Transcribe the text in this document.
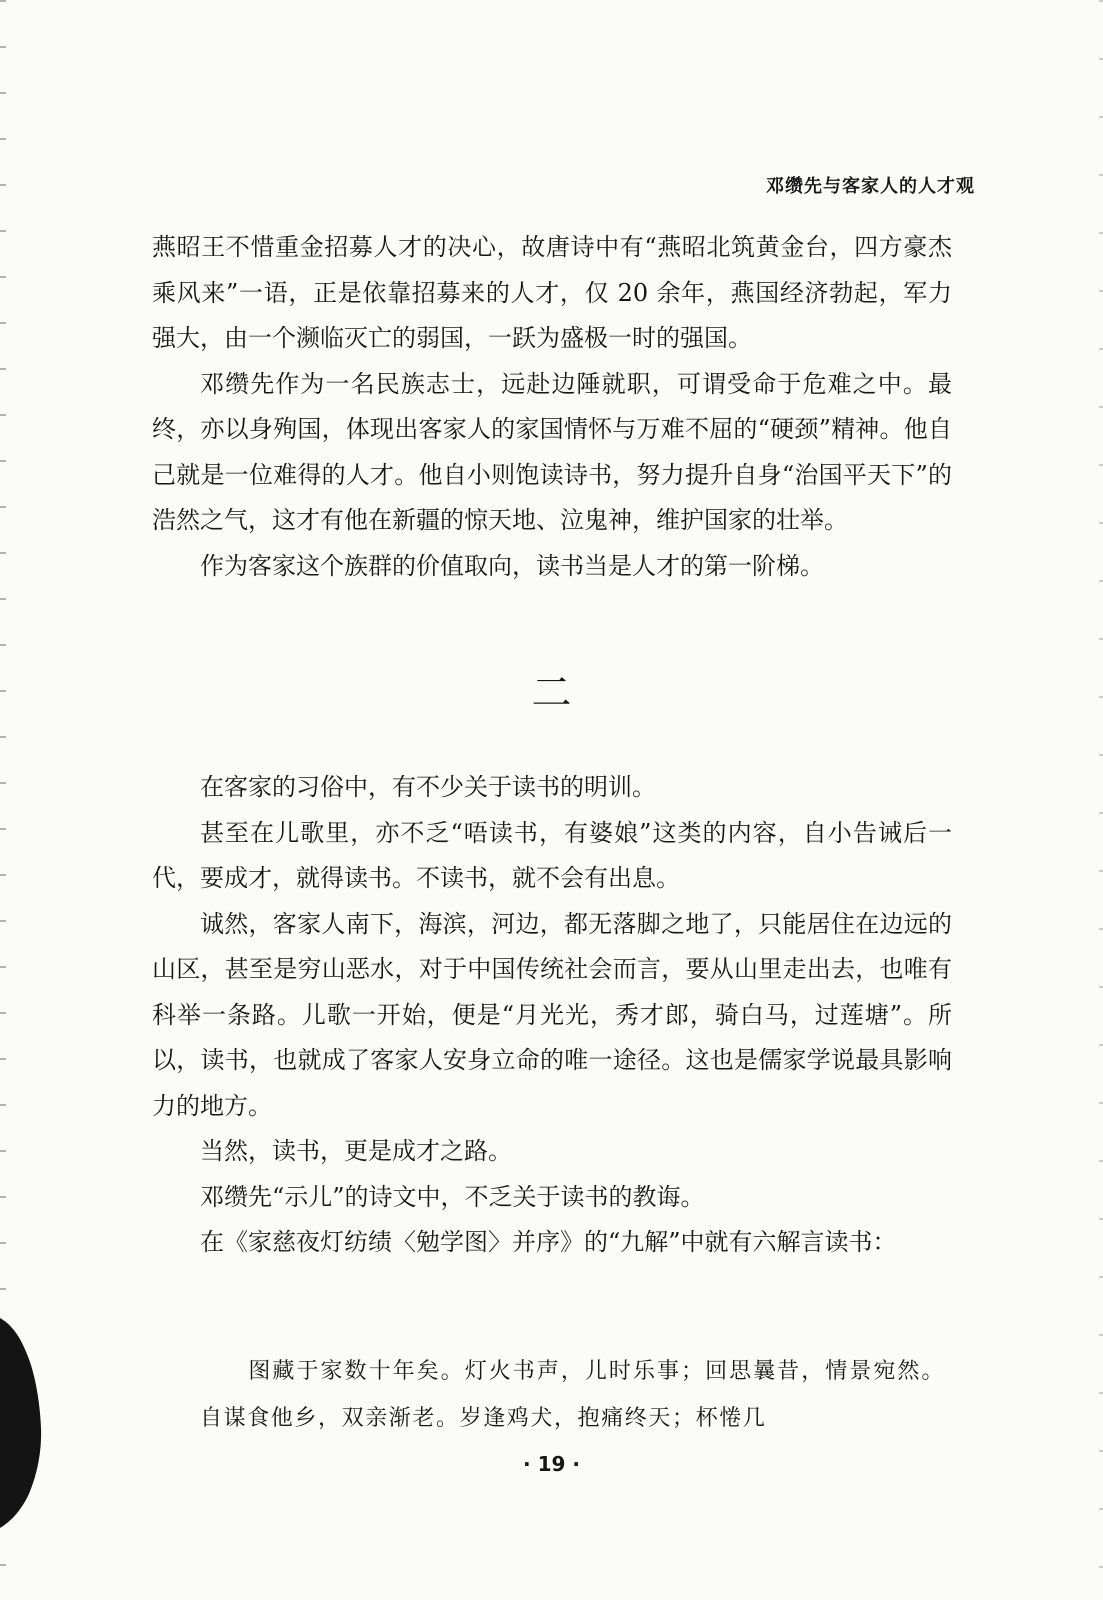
邓缵先与客家人的人才观

燕昭王不惜重金招募人才的决心，故唐诗中有“燕昭北筑黄金台，四方豪杰乘风来”一语，正是依靠招募来的人才，仅 20 余年，燕国经济勃起，军力强大，由一个濒临灭亡的弱国，一跃为盛极一时的强国。

邓缵先作为一名民族志士，远赴边陲就职，可谓受命于危难之中。最终，亦以身殉国，体现出客家人的家国情怀与万难不屈的“硬颈”精神。他自己就是一位难得的人才。他自小则饱读诗书，努力提升自身“治国平天下”的浩然之气，这才有他在新疆的惊天地、泣鬼神，维护国家的壮举。

作为客家这个族群的价值取向，读书当是人才的第一阶梯。

二

在客家的习俗中，有不少关于读书的明训。

甚至在儿歌里，亦不乏“唔读书，有婆娘”这类的内容，自小告诫后一代，要成才，就得读书。不读书，就不会有出息。

诚然，客家人南下，海滨，河边，都无落脚之地了，只能居住在边远的山区，甚至是穷山恶水，对于中国传统社会而言，要从山里走出去，也唯有科举一条路。儿歌一开始，便是“月光光，秀才郎，骑白马，过莲塘”。所以，读书，也就成了客家人安身立命的唯一途径。这也是儒家学说最具影响力的地方。

当然，读书，更是成才之路。

邓缵先“示儿”的诗文中，不乏关于读书的教诲。

在《家慈夜灯纺绩〈勉学图〉并序》的“九解”中就有六解言读书：

图藏于家数十年矣。灯火书声，儿时乐事；回思曩昔，情景宛然。自谋食他乡，双亲渐老。岁逢鸡犬，抱痛终天；杯惓几

· 19 ·
